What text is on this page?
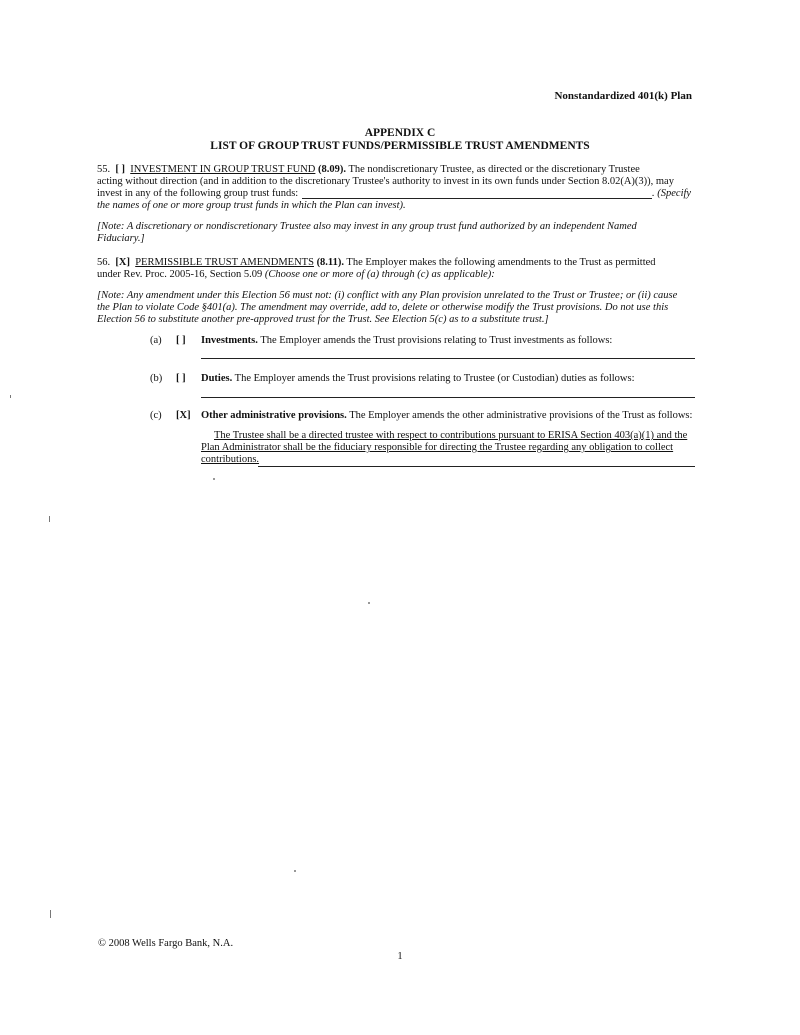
Nonstandardized 401(k) Plan
APPENDIX C
LIST OF GROUP TRUST FUNDS/PERMISSIBLE TRUST AMENDMENTS
55. [ ] INVESTMENT IN GROUP TRUST FUND (8.09). The nondiscretionary Trustee, as directed or the discretionary Trustee
acting without direction (and in addition to the discretionary Trustee's authority to invest in its own funds under Section 8.02(A)(3)), may
invest in any of the following group trust funds:	. (Specify
the names of one or more group trust funds in which the Plan can invest).
[Note: A discretionary or nondiscretionary Trustee also may invest in any group trust fund authorized by an independent Named
Fiduciary.]
56. [X] PERMISSIBLE TRUST AMENDMENTS (8.11). The Employer makes the following amendments to the Trust as permitted
under Rev. Proc. 2005-16, Section 5.09 (Choose one or more of (a) through (c) as applicable):
[Note: Any amendment under this Election 56 must not: (i) conflict with any Plan provision unrelated to the Trust or Trustee; or (ii) cause
the Plan to violate Code §401(a). The amendment may override, add to, delete or otherwise modify the Trust provisions. Do not use this
Election 56 to substitute another pre-approved trust for the Trust. See Election 5(c) as to a substitute trust.]
(a) [ ] Investments. The Employer amends the Trust provisions relating to Trust investments as follows:
(b) [ ] Duties. The Employer amends the Trust provisions relating to Trustee (or Custodian) duties as follows:
(c) [X] Other administrative provisions. The Employer amends the other administrative provisions of the Trust as follows:
The Trustee shall be a directed trustee with respect to contributions pursuant to ERISA Section 403(a)(1) and the
Plan Administrator shall be the fiduciary responsible for directing the Trustee regarding any obligation to collect
contributions.
© 2008 Wells Fargo Bank, N.A.
1
